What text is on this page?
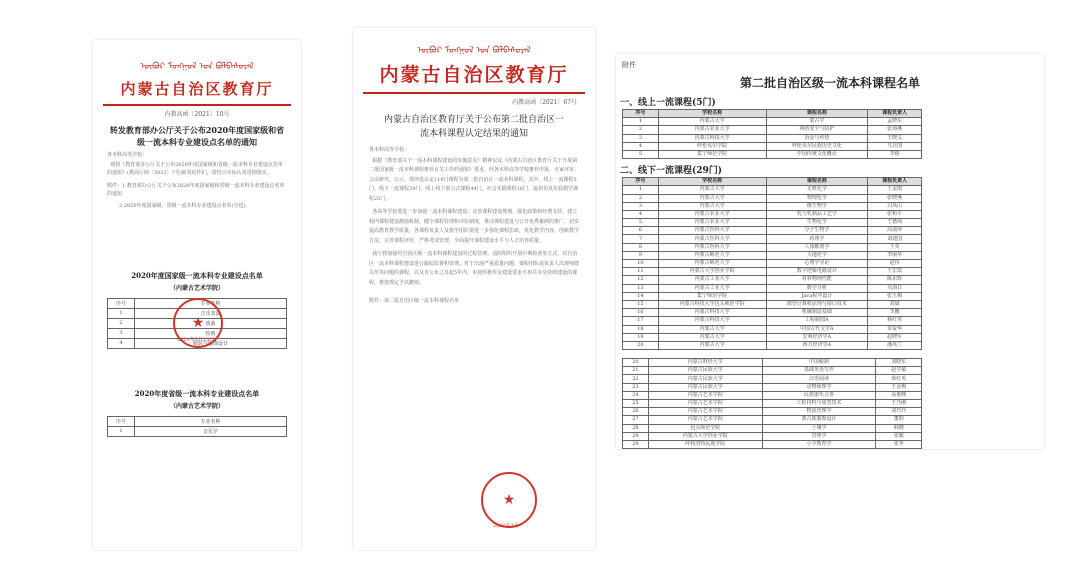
ᠥᠪᠥᠷ ᠮᠣᠩᠭᠣᠯ ᠤᠨ ᠪᠣᠯᠪᠠᠰᠤᠷᠠᠯ
内蒙古自治区教育厅
内教高函〔2021〕10号
转发教育部办公厅关于公布2020年度国家级和省级一流本科专业建设点名单的通知
各本科高等学校：
现将《教育部办公厅关于公布2020年度国家级和省级一流本科专业建设点名单的通知》(教高厅函〔2021〕7号)转发给你们，请结合实际认真贯彻落实。
附件：1.教育部办公厅关于公布2020年度国家级和省级一流本科专业建设点名单的通知
2.2020年度国家级、省级一流本科专业建设点名单(分送)
★
2021年3月25日
2020年度国家级一流本科专业建设点名单
（内蒙古艺术学院）
序号	专业名称
1	音乐表演
2	戏曲
3	绘画
4	服装与服饰设计
2020年度省级一流本科专业建设点名单
（内蒙古艺术学院）
序号	专业名称
1	音乐学
ᠥᠪᠥᠷ ᠮᠣᠩᠭᠣᠯ ᠤᠨ ᠪᠣᠯᠪᠠᠰᠤᠷᠠᠯ
内蒙古自治区教育厅
内教高函〔2021〕67号
内蒙古自治区教育厅关于公布第二批自治区一流本科课程认定结果的通知
各本科高等学校：
根据《教育部关于一流本科课程建设的实施意见》精神以及《内蒙古自治区教育厅关于开展第二批国家级一流本科课程推荐有关工作的通知》要求，经各本科高等学校推荐申报、专家评审、会议研究、公示，现评选认定119门课程为第二批自治区一流本科课程。其中，线上一流课程5门，线下一流课程29门，线上线下混合式课程44门，社会实践课程16门，虚拟仿真实验教学课程25门。
各高等学校要进一步加强一流本科课程建设，完善课程建设规划，强化政策和经费支持，建立校内课程建设激励机制，健全课程管理和评价制度，推动课程建设与公开优秀案例的推广，切实提高教育教学质量。各课程负责人及教学团队要进一步强化课程思政，优化教学内容，创新教学方法，完善课程评价，严格考试管理，全面提升课程建设水平与人才培养质量。
我厅将加强对自治区级一流本科课程建设的过程管理，适时组织开展中期检查等方式，对自治区一流本科课程建设进行跟踪监督和管理。对于出现严重质量问题、课程团队或负责人出现师德失范等问题的课程，以及自公布之日起5年内，未按照推荐及建设要求不再共享及持续建设的课程，将按规定予以撤销。
附件：第二批自治区级一流本科课程名单
★
2021年1月
附件
第二批自治区级一流本科课程名单
一、线上一流课程(5门)
序号	学校名称	课程名称	课程负责人
1	内蒙古大学	蒙古学	孟晓东
2	内蒙古农业大学	网络安全与防护	张海燕
3	内蒙古科技大学	冶金与传热	王晓义
4	呼伦贝尔学院	呼伦贝尔民族历史文化	乌日图
5	集宁师范学院	中国传统文化概论	李俊
二、线下一流课程(29门)
序号	学校名称	课程名称	课程负责人
1	内蒙古大学	无机化学	王金凯
2	内蒙古大学	物理化学	张晓燕
3	内蒙古大学	微生物学	白凤山
4	内蒙古农业大学	乳与乳制品工艺学	张和平
5	内蒙古农业大学	生物化学	王德海
6	内蒙古医科大学	分子生物学	高丽萍
7	内蒙古医科大学	药理学	刘建国
8	内蒙古医科大学	人体解剖学	王英
9	内蒙古师范大学	大地化学	李丽华
10	内蒙古师范大学	心理学导论	赵伟
11	内蒙古大学创业学院	数字逻辑电路设计	王宏霞
12	内蒙古工业大学	材料物理性能	陈东辉
13	内蒙古工业大学	数学分析	吴海日
14	集宁师范学院	Java程序设计	张玉梅
15	内蒙古科技大学包头师范学院	微型计算机原理与接口技术	刘斌
16	内蒙古科技大学	机械制造基础	李鹏
17	内蒙古科技大学	工程制图A	杨红英
18	内蒙古大学	中国古代文学A	朱爱华
19	内蒙古大学	宏观经济学A	赵晓军
20	内蒙古大学	西方经济学A	潘凤兰
20	内蒙古财经大学	中国税制	刘晓东
21	内蒙古民族大学	基础英语写作	赵学敏
22	内蒙古民族大学	汉语阅读	徐红英
23	内蒙古民族大学	动物病理学	王金梅
24	内蒙古艺术学院	民族器乐合奏	高俊峰
25	内蒙古艺术学院	工程材料与成型技术	王乃刚
26	内蒙古艺术学院	物流管理学	刘巧玲
27	内蒙古艺术学院	蒙古族服饰设计	董昀
28	包头师范学院	土壤学	韩晓
29	内蒙古大学创业学院	管理学	张敏
29	呼和浩特民族学院	小学教育学	张华
